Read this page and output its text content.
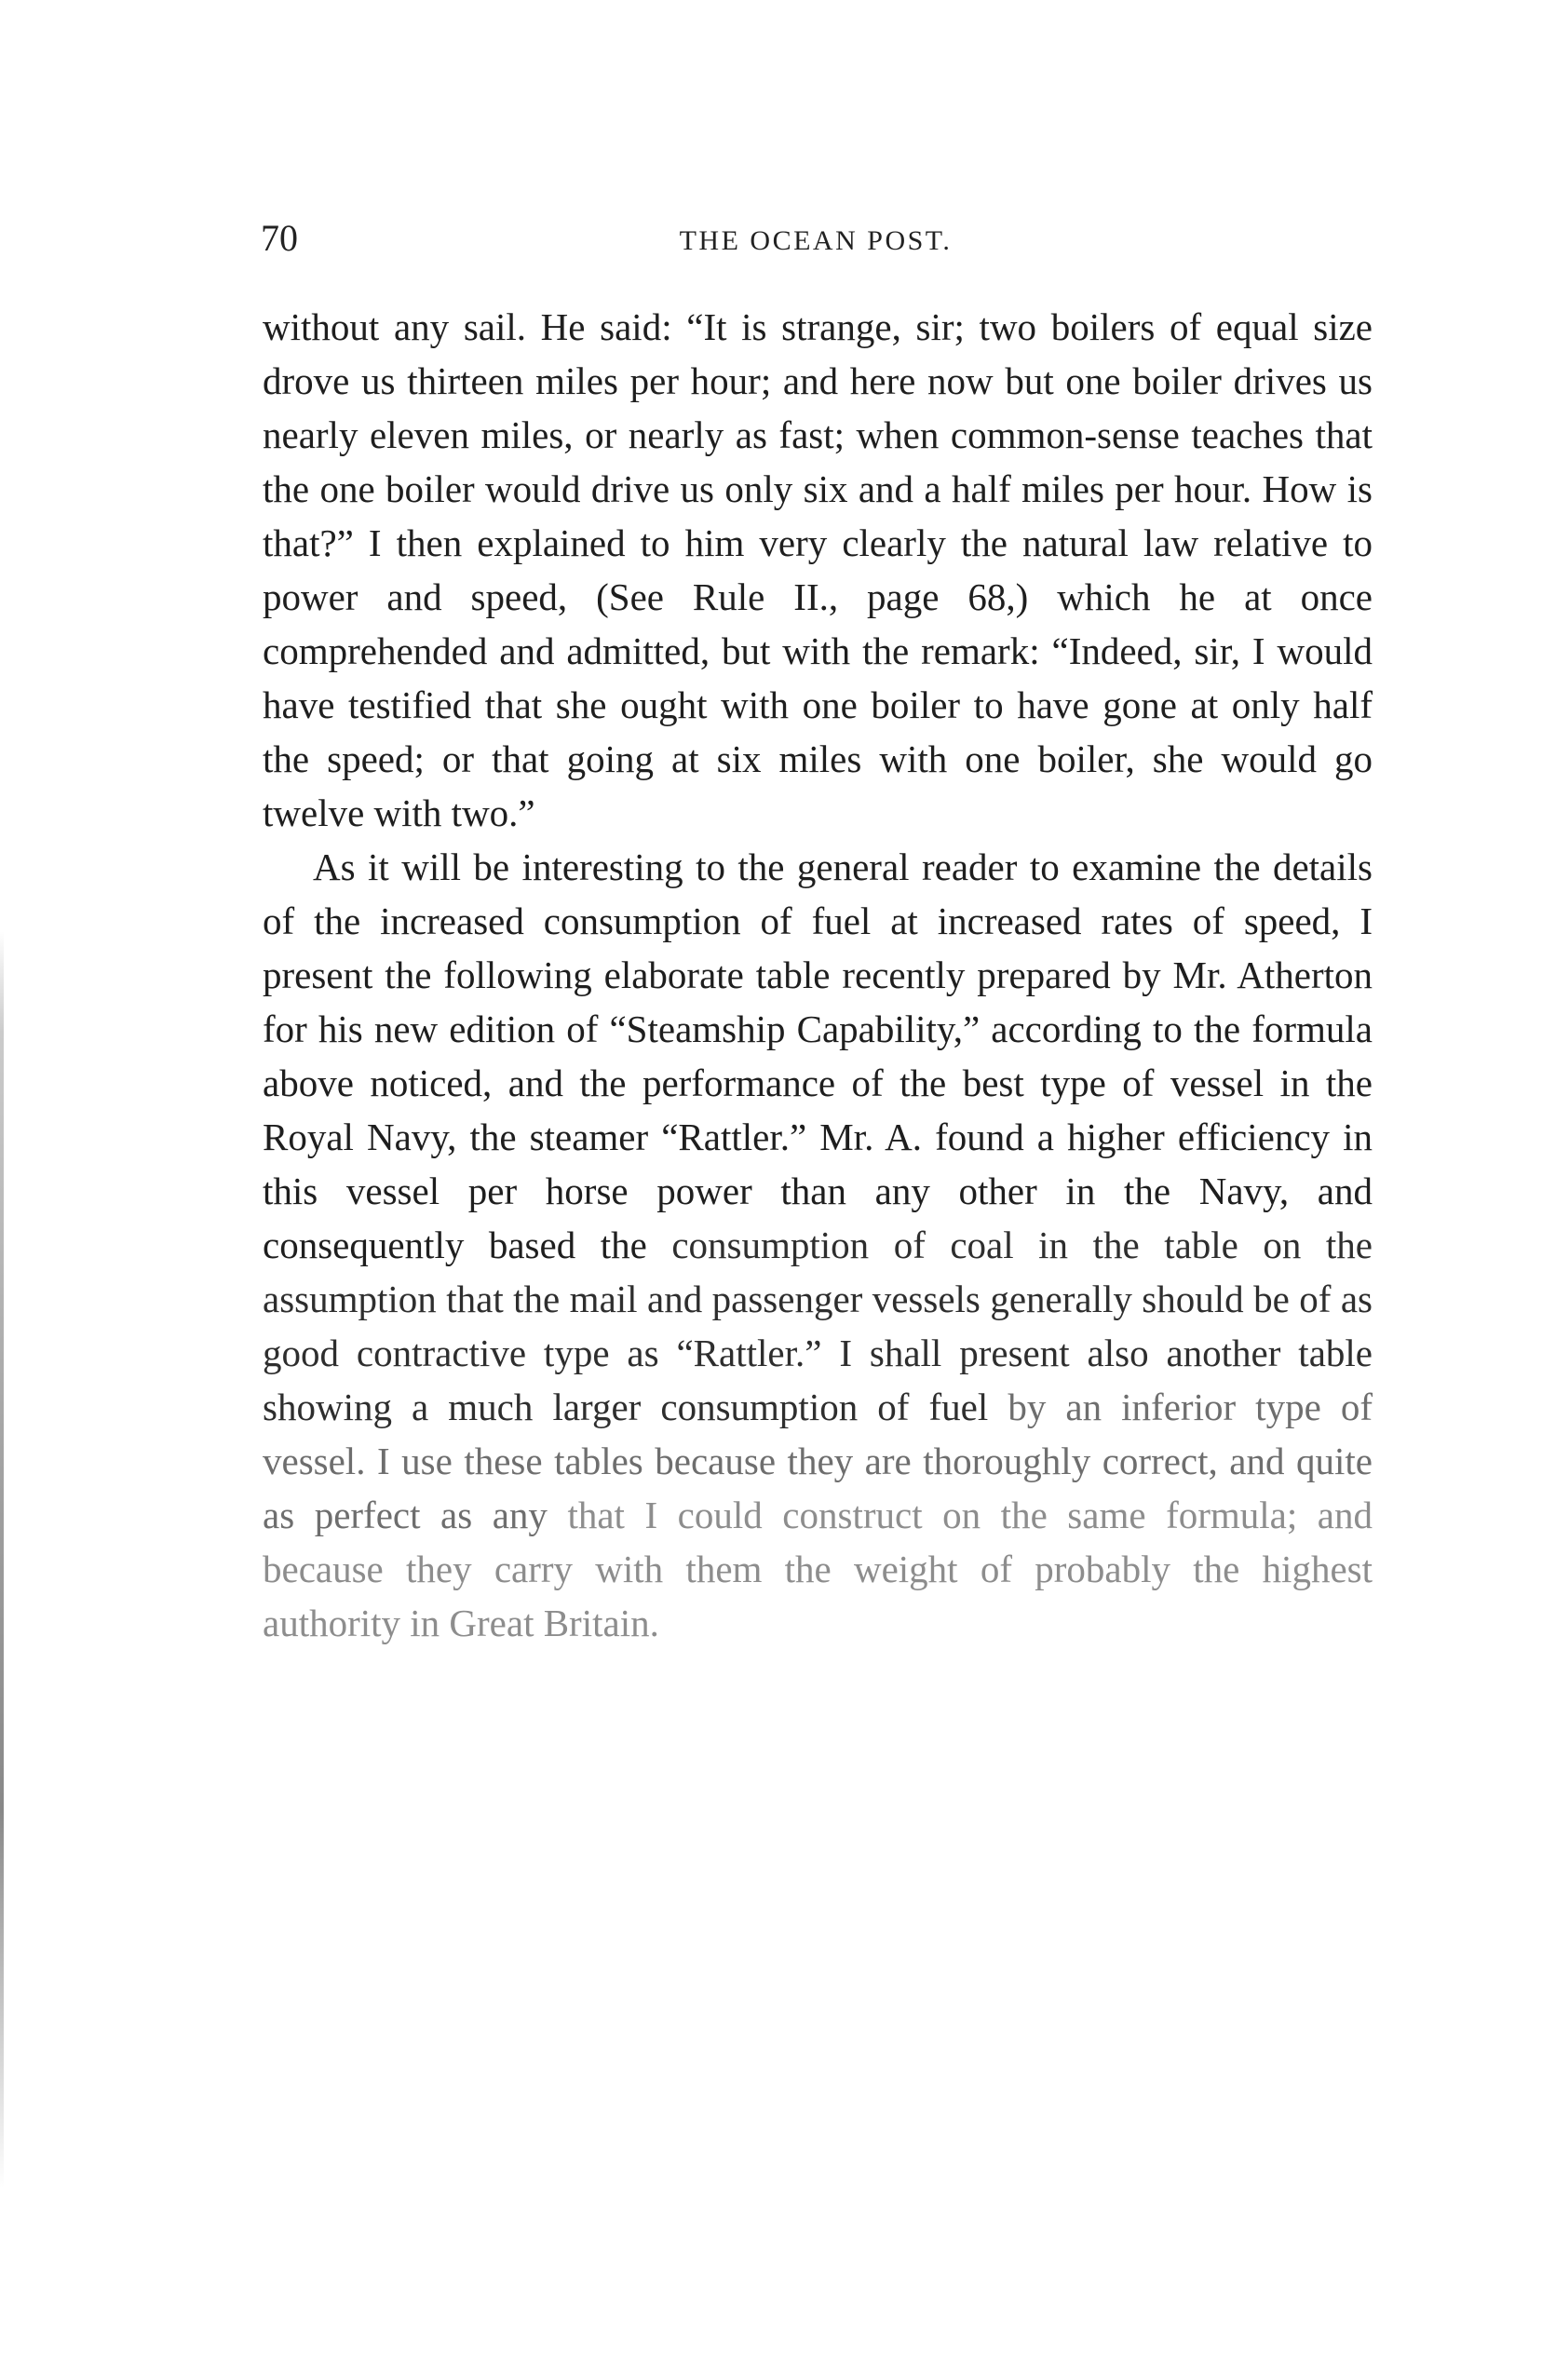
70	THE OCEAN POST.

without any sail. He said: “It is strange, sir; two boilers of equal size drove us thirteen miles per hour; and here now but one boiler drives us nearly eleven miles, or nearly as fast; when common-sense teaches that the one boiler would drive us only six and a half miles per hour. How is that?” I then explained to him very clearly the natural law relative to power and speed, (See Rule II., page 68,) which he at once comprehended and admitted, but with the remark: “Indeed, sir, I would have testified that she ought with one boiler to have gone at only half the speed; or that going at six miles with one boiler, she would go twelve with two.”

As it will be interesting to the general reader to examine the details of the increased consumption of fuel at increased rates of speed, I present the following elaborate table recently prepared by Mr. Atherton for his new edition of “Steamship Capability,” according to the formula above noticed, and the performance of the best type of vessel in the Royal Navy, the steamer “Rattler.” Mr. A. found a higher efficiency in this vessel per horse power than any other in the Navy, and consequently based the consumption of coal in the table on the assumption that the mail and passenger vessels generally should be of as good contractive type as “Rattler.” I shall present also another table showing a much larger consumption of fuel by an inferior type of vessel. I use these tables because they are thoroughly correct, and quite as perfect as any that I could construct on the same formula; and because they carry with them the weight of probably the highest authority in Great Britain.
